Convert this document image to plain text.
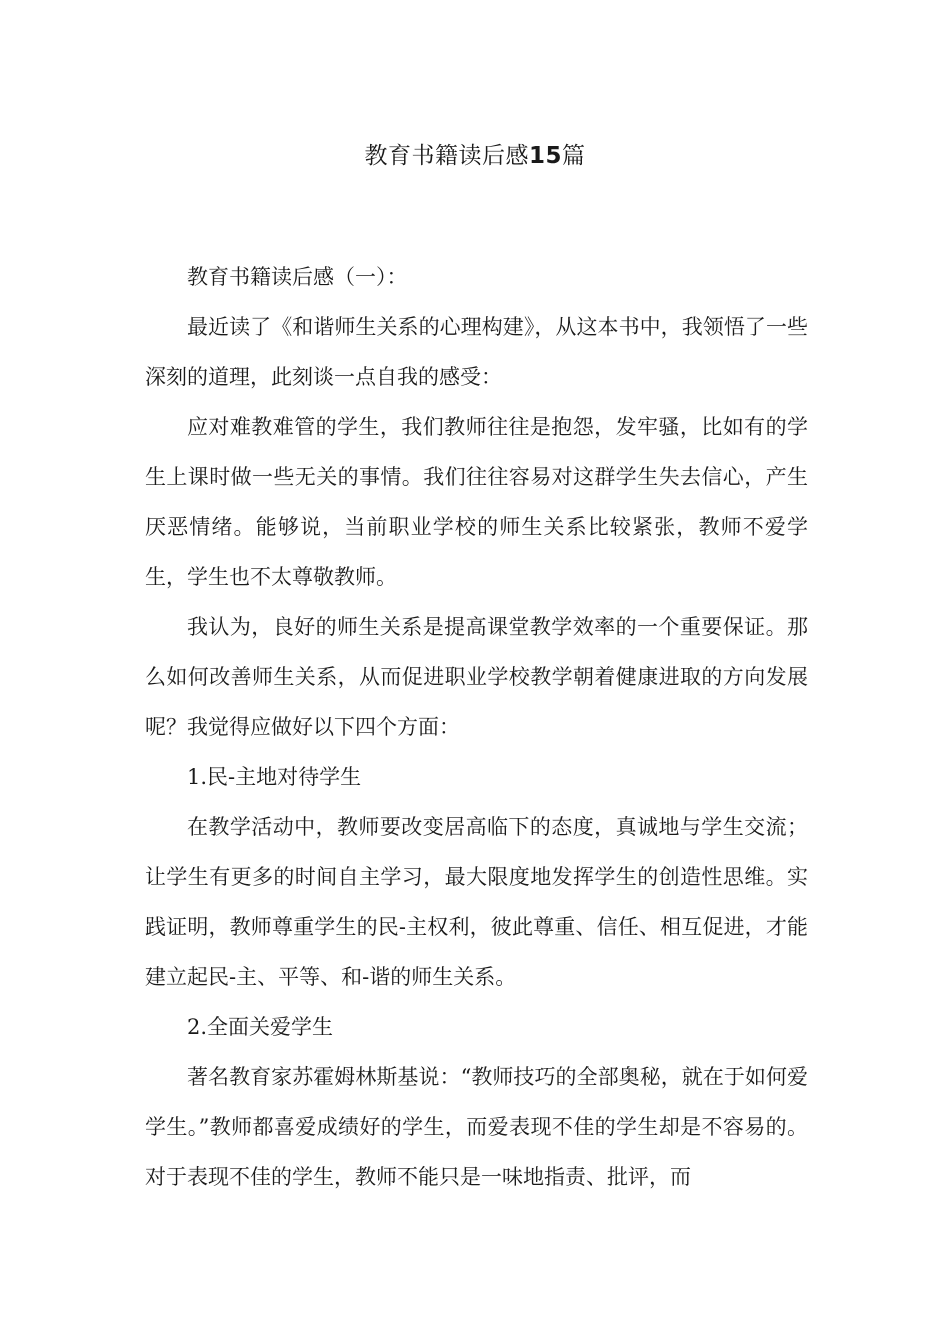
教育书籍读后感15篇

教育书籍读后感（一）：

最近读了《和谐师生关系的心理构建》，从这本书中，我领悟了一些深刻的道理，此刻谈一点自我的感受：

应对难教难管的学生，我们教师往往是抱怨，发牢骚，比如有的学生上课时做一些无关的事情。我们往往容易对这群学生失去信心，产生厌恶情绪。能够说，当前职业学校的师生关系比较紧张，教师不爱学生，学生也不太尊敬教师。

我认为，良好的师生关系是提高课堂教学效率的一个重要保证。那么如何改善师生关系，从而促进职业学校教学朝着健康进取的方向发展呢？我觉得应做好以下四个方面：

1.民-主地对待学生

在教学活动中，教师要改变居高临下的态度，真诚地与学生交流；让学生有更多的时间自主学习，最大限度地发挥学生的创造性思维。实践证明，教师尊重学生的民-主权利，彼此尊重、信任、相互促进，才能建立起民-主、平等、和-谐的师生关系。

2.全面关爱学生

著名教育家苏霍姆林斯基说：“教师技巧的全部奥秘，就在于如何爱学生。”教师都喜爱成绩好的学生，而爱表现不佳的学生却是不容易的。对于表现不佳的学生，教师不能只是一味地指责、批评，而
